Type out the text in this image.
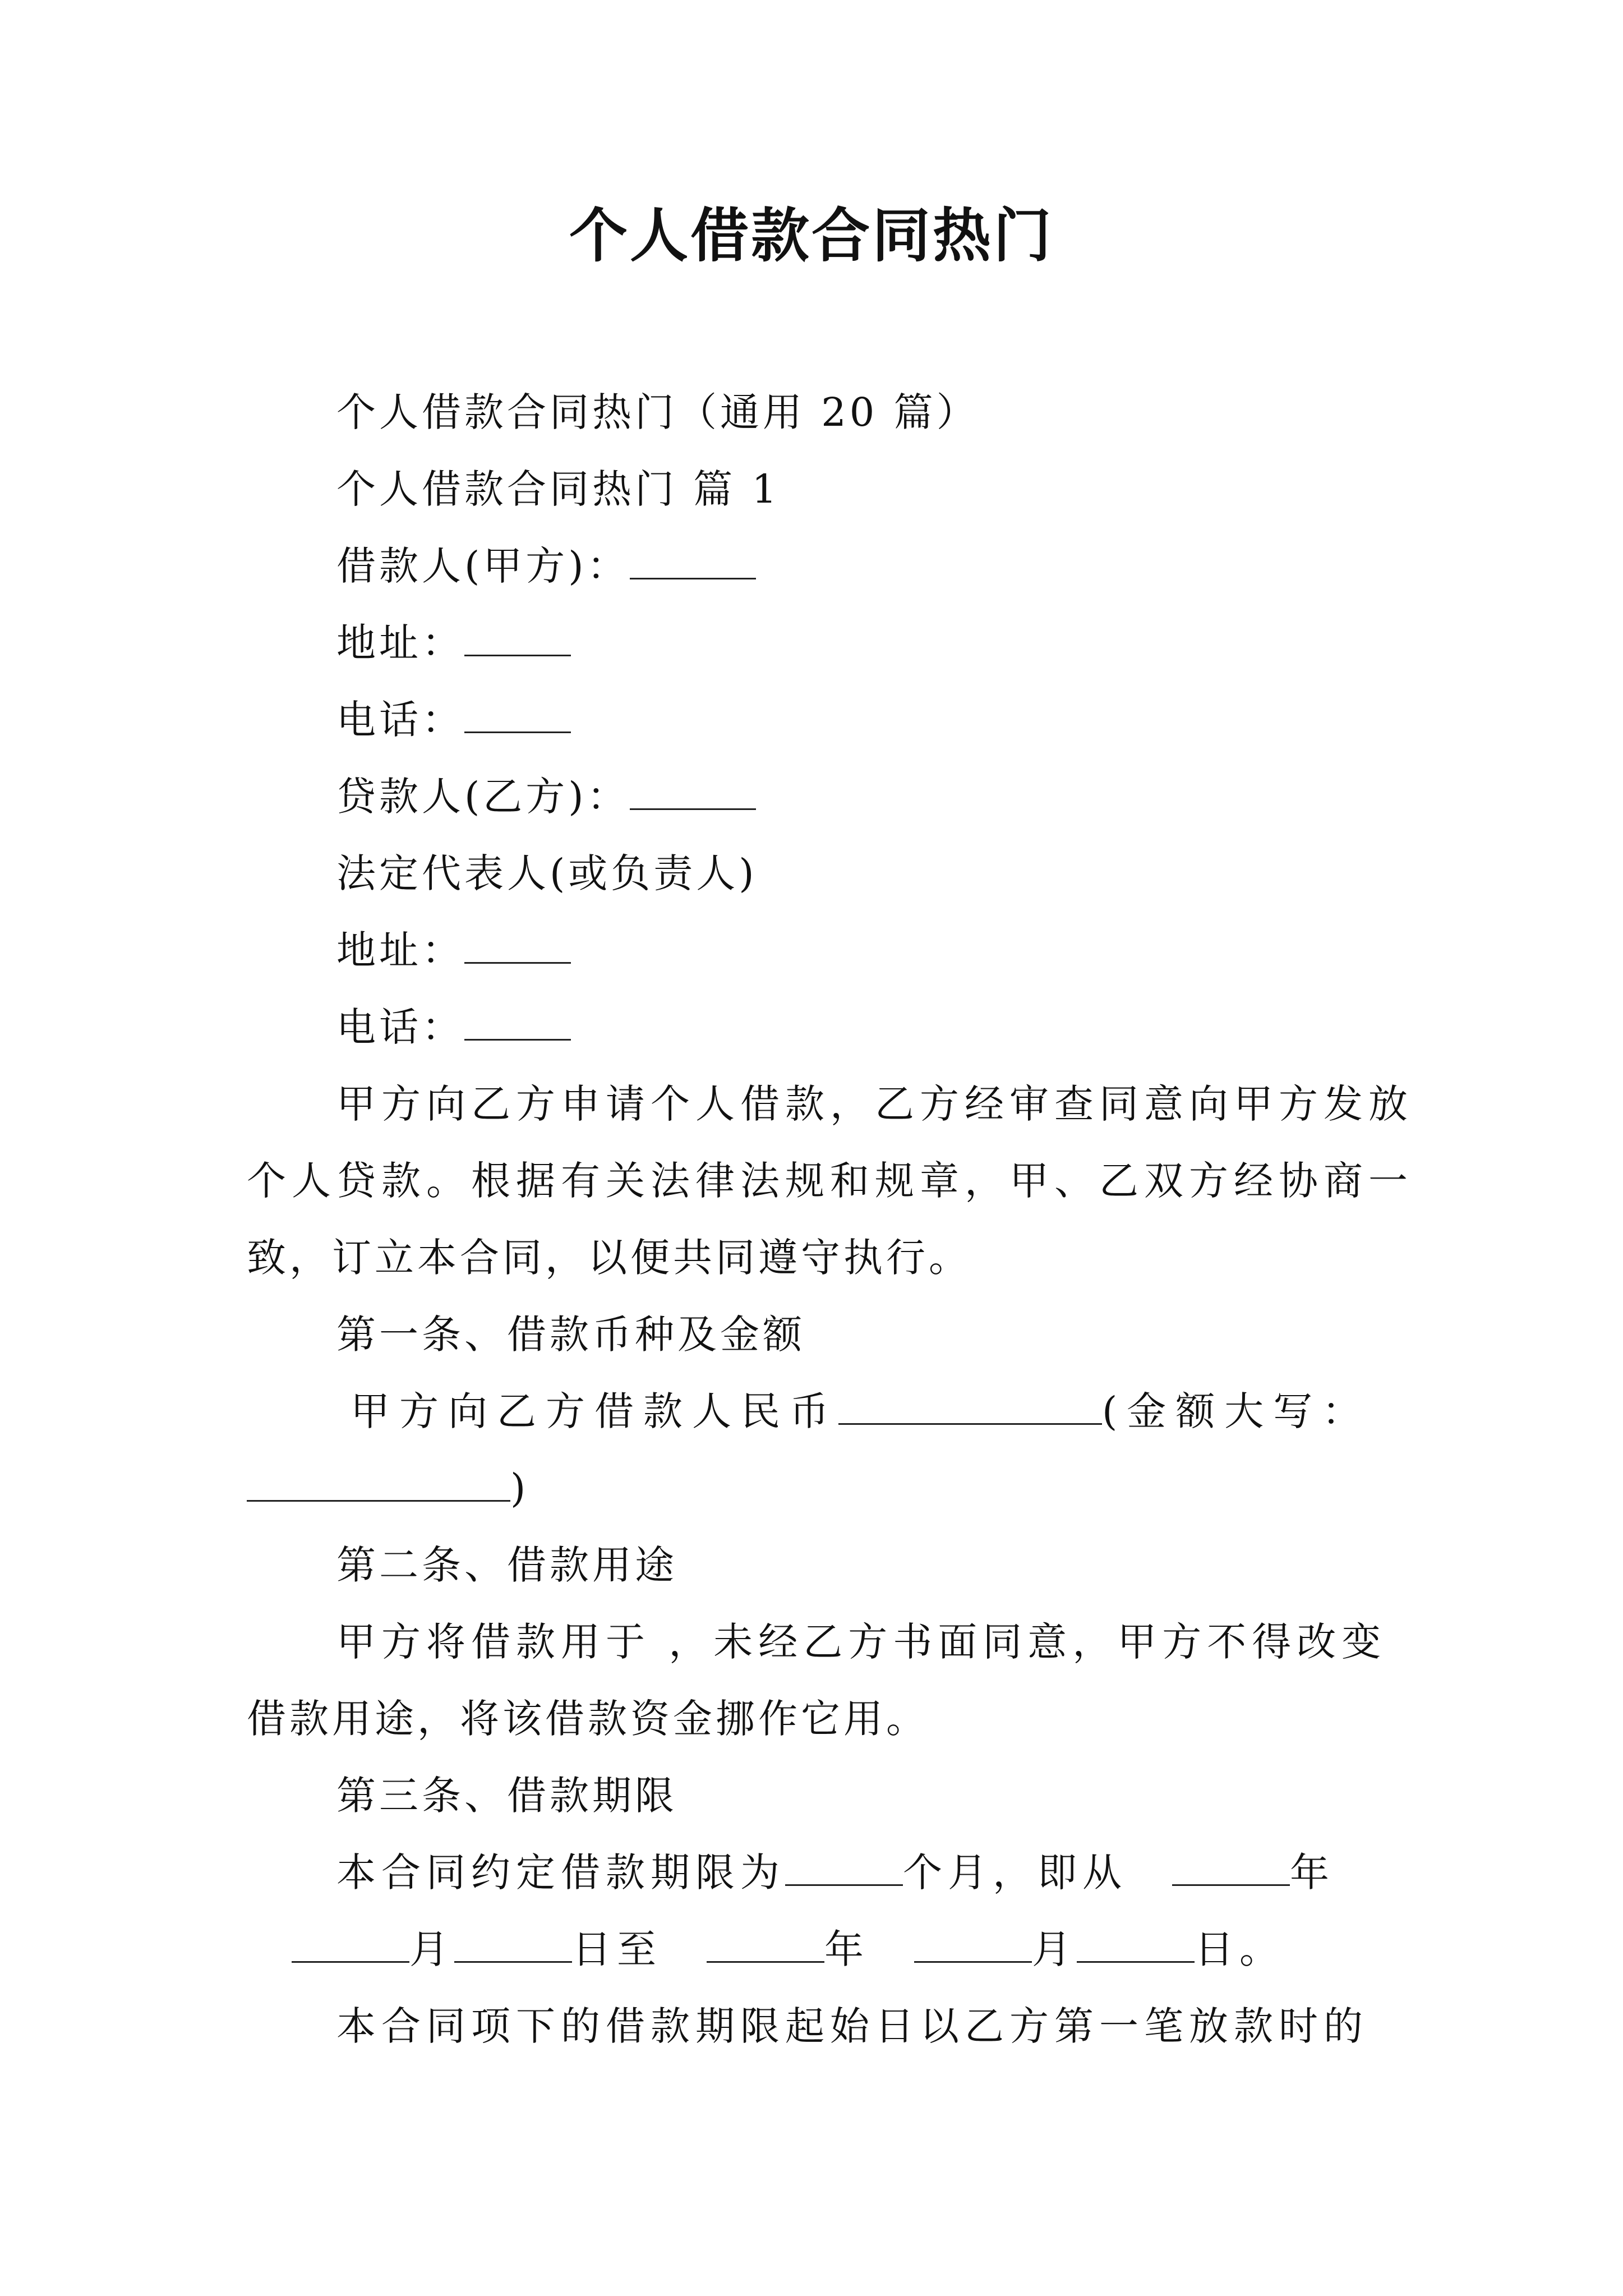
个人借款合同热门
个人借款合同热门（通用 20 篇）
个人借款合同热门 篇 1
借款人(甲方)：
地址：
电话：
贷款人(乙方)：
法定代表人(或负责人)
地址：
电话：
甲方向乙方申请个人借款，乙方经审查同意向甲方发放
个人贷款。根据有关法律法规和规章，甲、乙双方经协商一
致，订立本合同，以便共同遵守执行。
第一条、借款币种及金额
甲方向乙方借款人民币	(金额大写：
)
第二条、借款用途
甲方将借款用于 ，未经乙方书面同意，甲方不得改变
借款用途，将该借款资金挪作它用。
第三条、借款期限
本合同约定借款期限为	个月，即从	年
月	日至	年	月	日。
本合同项下的借款期限起始日以乙方第一笔放款时的
